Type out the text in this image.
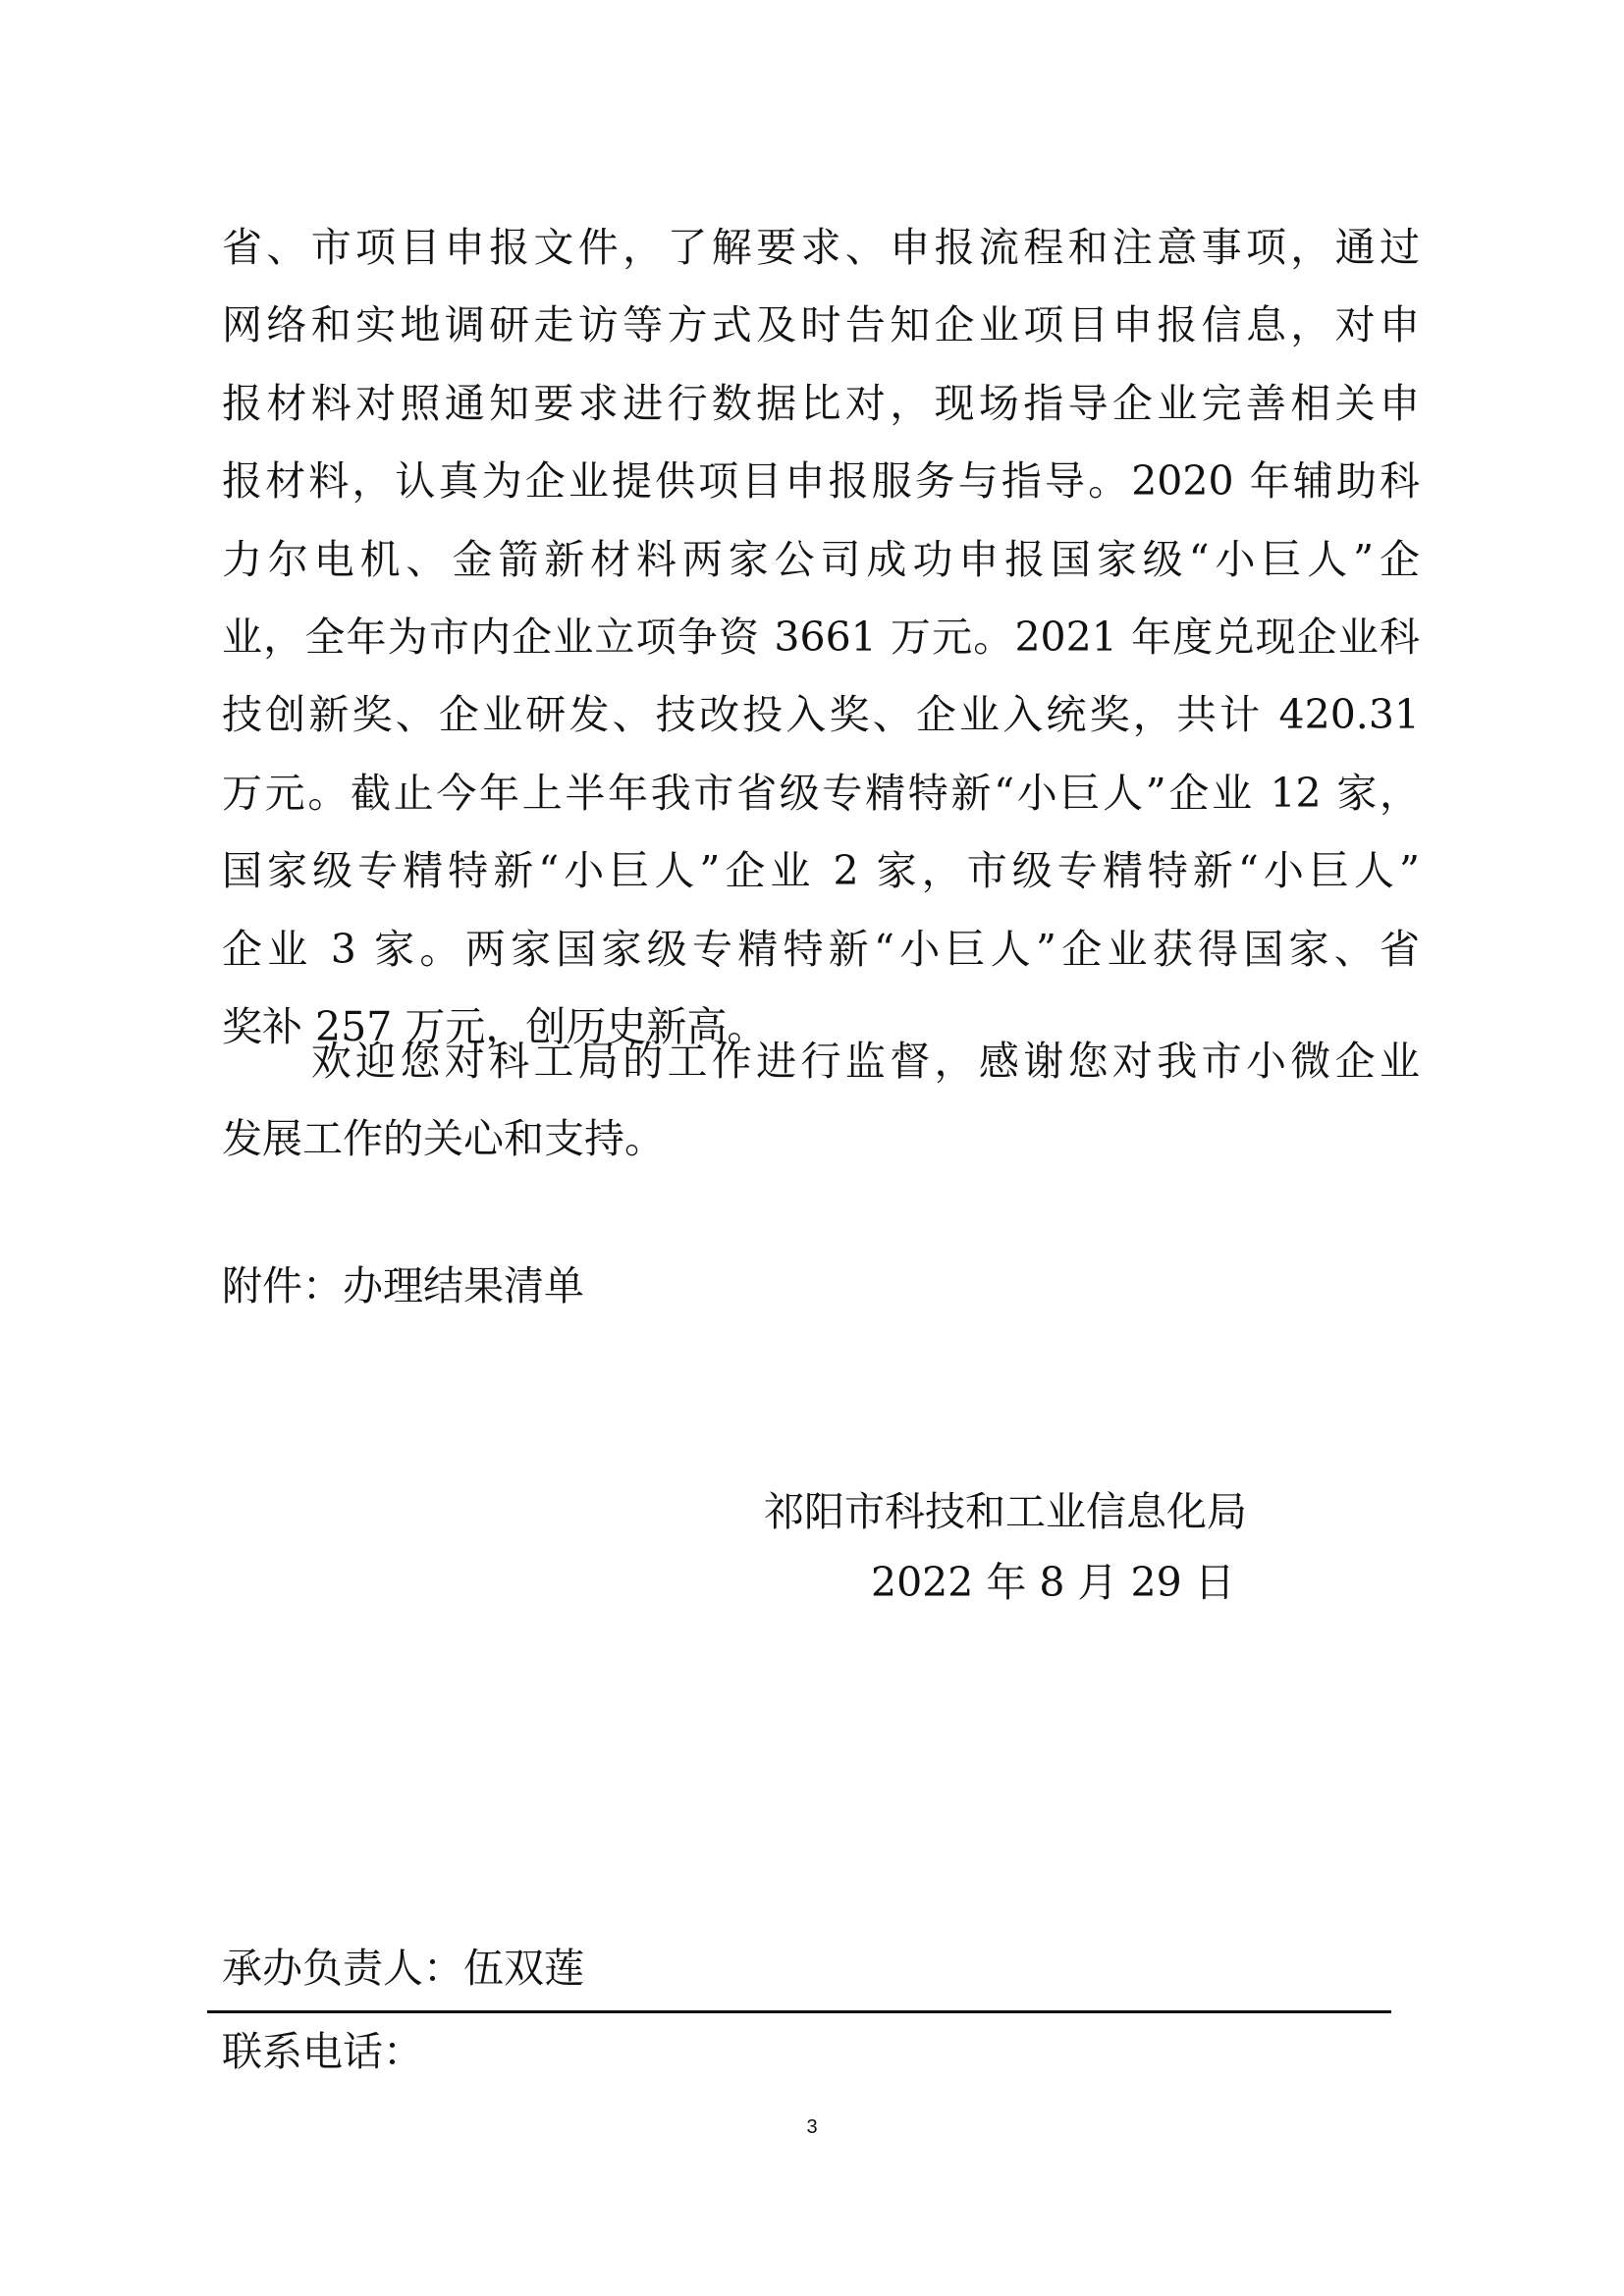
省、市项目申报文件，了解要求、申报流程和注意事项，通过
网络和实地调研走访等方式及时告知企业项目申报信息，对申
报材料对照通知要求进行数据比对，现场指导企业完善相关申
报材料，认真为企业提供项目申报服务与指导。2020 年辅助科
力尔电机、金箭新材料两家公司成功申报国家级“小巨人”企
业，全年为市内企业立项争资 3661 万元。2021 年度兑现企业科
技创新奖、企业研发、技改投入奖、企业入统奖，共计 420.31
万元。截止今年上半年我市省级专精特新“小巨人”企业 12 家，
国家级专精特新“小巨人”企业 2 家，市级专精特新“小巨人”
企业 3 家。两家国家级专精特新“小巨人”企业获得国家、省
奖补 257 万元，创历史新高。
　　欢迎您对科工局的工作进行监督，感谢您对我市小微企业
发展工作的关心和支持。
附件：办理结果清单
祁阳市科技和工业信息化局
2022 年 8 月 29 日
承办负责人：伍双莲
联系电话：
3
